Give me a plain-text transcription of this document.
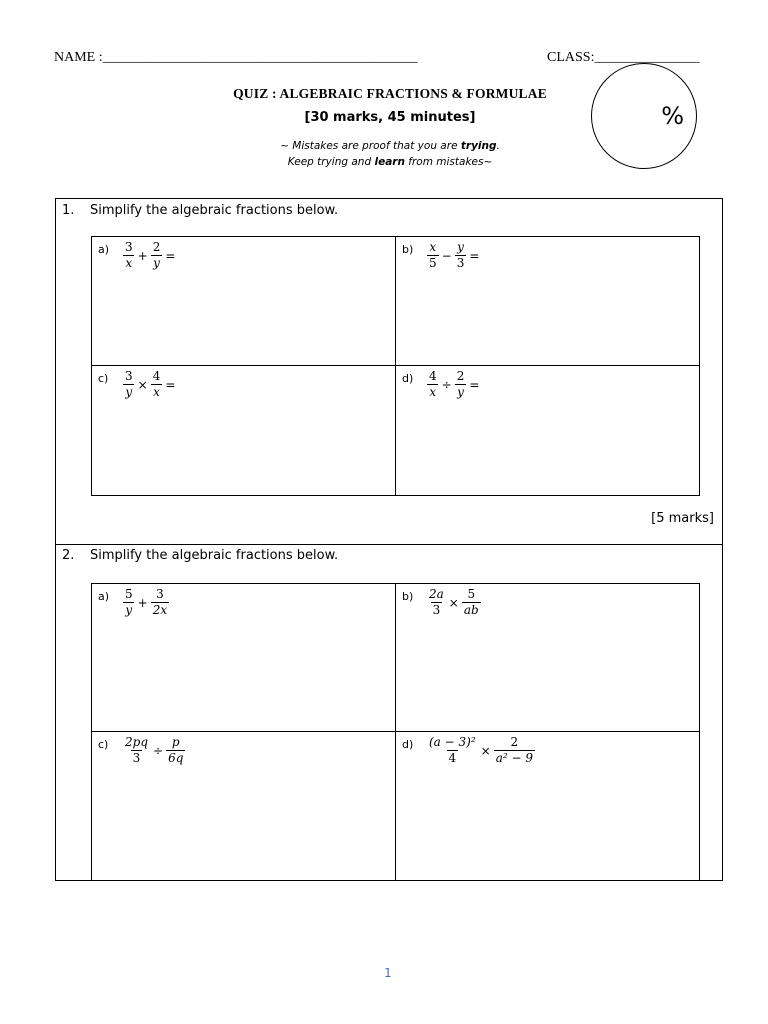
NAME :_____________________________________________	CLASS:_______________
QUIZ : ALGEBRAIC FRACTIONS & FORMULAE
[30 marks, 45 minutes]
~ Mistakes are proof that you are trying.
Keep trying and learn from mistakes~
%
1. Simplify the algebraic fractions below.
$a) \frac{3}{x} + \frac{2}{y}$ =	$b) \frac{x}{5} - \frac{y}{3}$ =
$c) \frac{3}{y} \times \frac{4}{x}$ =	$d) \frac{4}{x} \div \frac{2}{y}$ =
[5 marks]
2. Simplify the algebraic fractions below.
$a) \frac{5}{y} + \frac{3}{2x}$	$b) \frac{2a}{3} \times \frac{5}{ab}$
$c) \frac{2pq}{3} \div \frac{p}{6q}$	$d) \frac{\text{(a − 3)²}}{4} \times \frac{2}{\text{a² − 9}}$
1
